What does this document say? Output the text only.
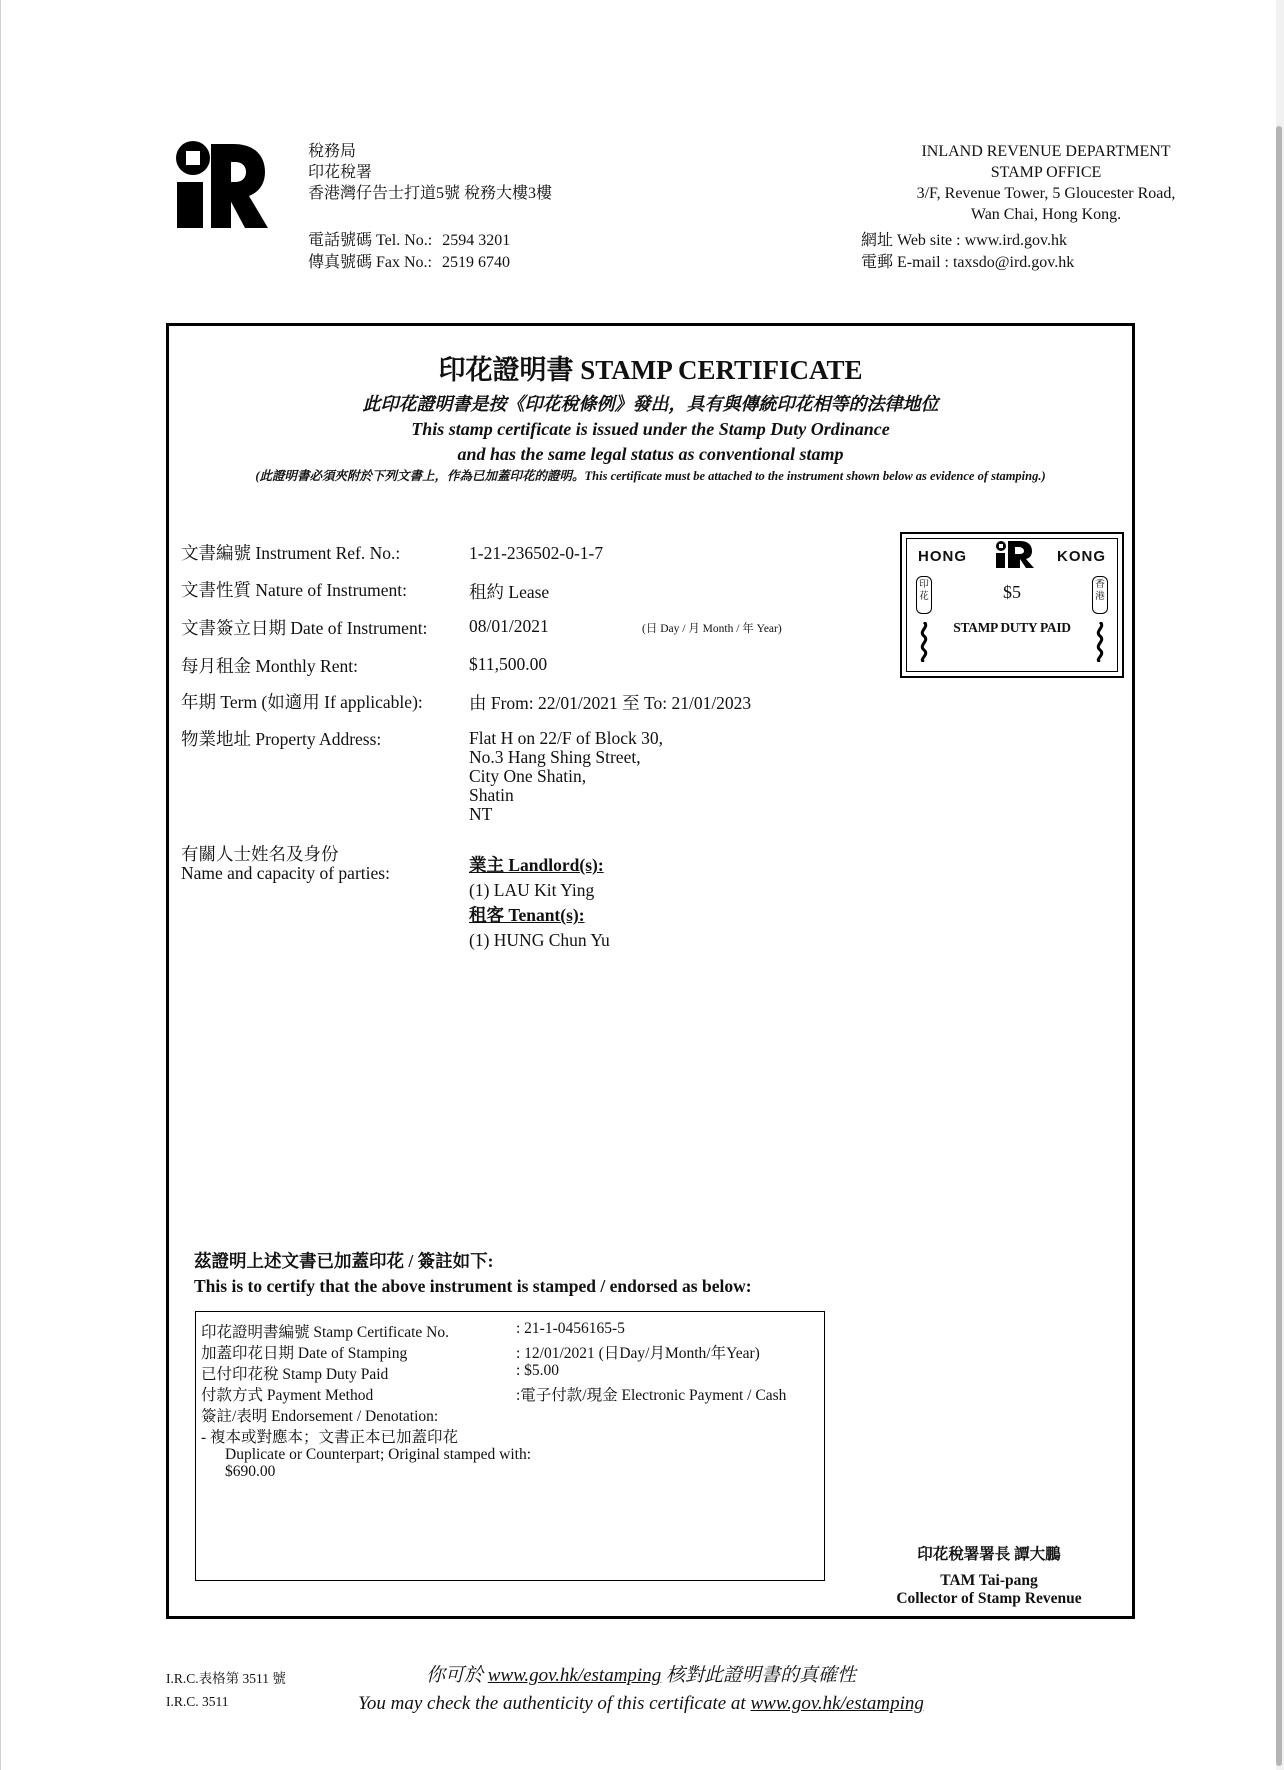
稅務局
印花稅署
香港灣仔告士打道5號 稅務大樓3樓
電話號碼 Tel. No.: 2594 3201
傳真號碼 Fax No.: 2519 6740
INLAND REVENUE DEPARTMENT
STAMP OFFICE
3/F, Revenue Tower, 5 Gloucester Road,
Wan Chai, Hong Kong.
網址 Web site : www.ird.gov.hk
電郵 E-mail : taxsdo@ird.gov.hk
印花證明書 STAMP CERTIFICATE
此印花證明書是按《印花稅條例》發出，具有與傳統印花相等的法律地位
This stamp certificate is issued under the Stamp Duty Ordinance
and has the same legal status as conventional stamp
(此證明書必須夾附於下列文書上，作為已加蓋印花的證明。This certificate must be attached to the instrument shown below as evidence of stamping.)
文書編號 Instrument Ref. No.:	1-21-236502-0-1-7
文書性質 Nature of Instrument:	租約 Lease
文書簽立日期 Date of Instrument: 08/01/2021	(日 Day / 月 Month / 年 Year)
每月租金 Monthly Rent:	$11,500.00
年期 Term (如適用 If applicable):	由 From: 22/01/2021 至 To: 21/01/2023
物業地址 Property Address:	Flat H on 22/F of Block 30,
No.3 Hang Shing Street,
City One Shatin,
Shatin
NT
有關人士姓名及身份
Name and capacity of parties:	業主 Landlord(s):
(1) LAU Kit Ying
租客 Tenant(s):
(1) HUNG Chun Yu
HONG	KONG
印花
香港
$5
STAMP DUTY PAID
茲證明上述文書已加蓋印花 / 簽註如下:
This is to certify that the above instrument is stamped / endorsed as below:
印花證明書編號 Stamp Certificate No.	: 21-1-0456165-5
加蓋印花日期 Date of Stamping	: 12/01/2021 (日Day/月Month/年Year)
已付印花稅 Stamp Duty Paid	: $5.00
付款方式 Payment Method	:電子付款/現金 Electronic Payment / Cash
簽註/表明 Endorsement / Denotation:
- 複本或對應本；文書正本已加蓋印花
Duplicate or Counterpart; Original stamped with:
$690.00
印花稅署署長 譚大鵬
TAM Tai-pang
Collector of Stamp Revenue
I.R.C.表格第 3511 號
I.R.C. 3511
你可於 www.gov.hk/estamping 核對此證明書的真確性
You may check the authenticity of this certificate at www.gov.hk/estamping
